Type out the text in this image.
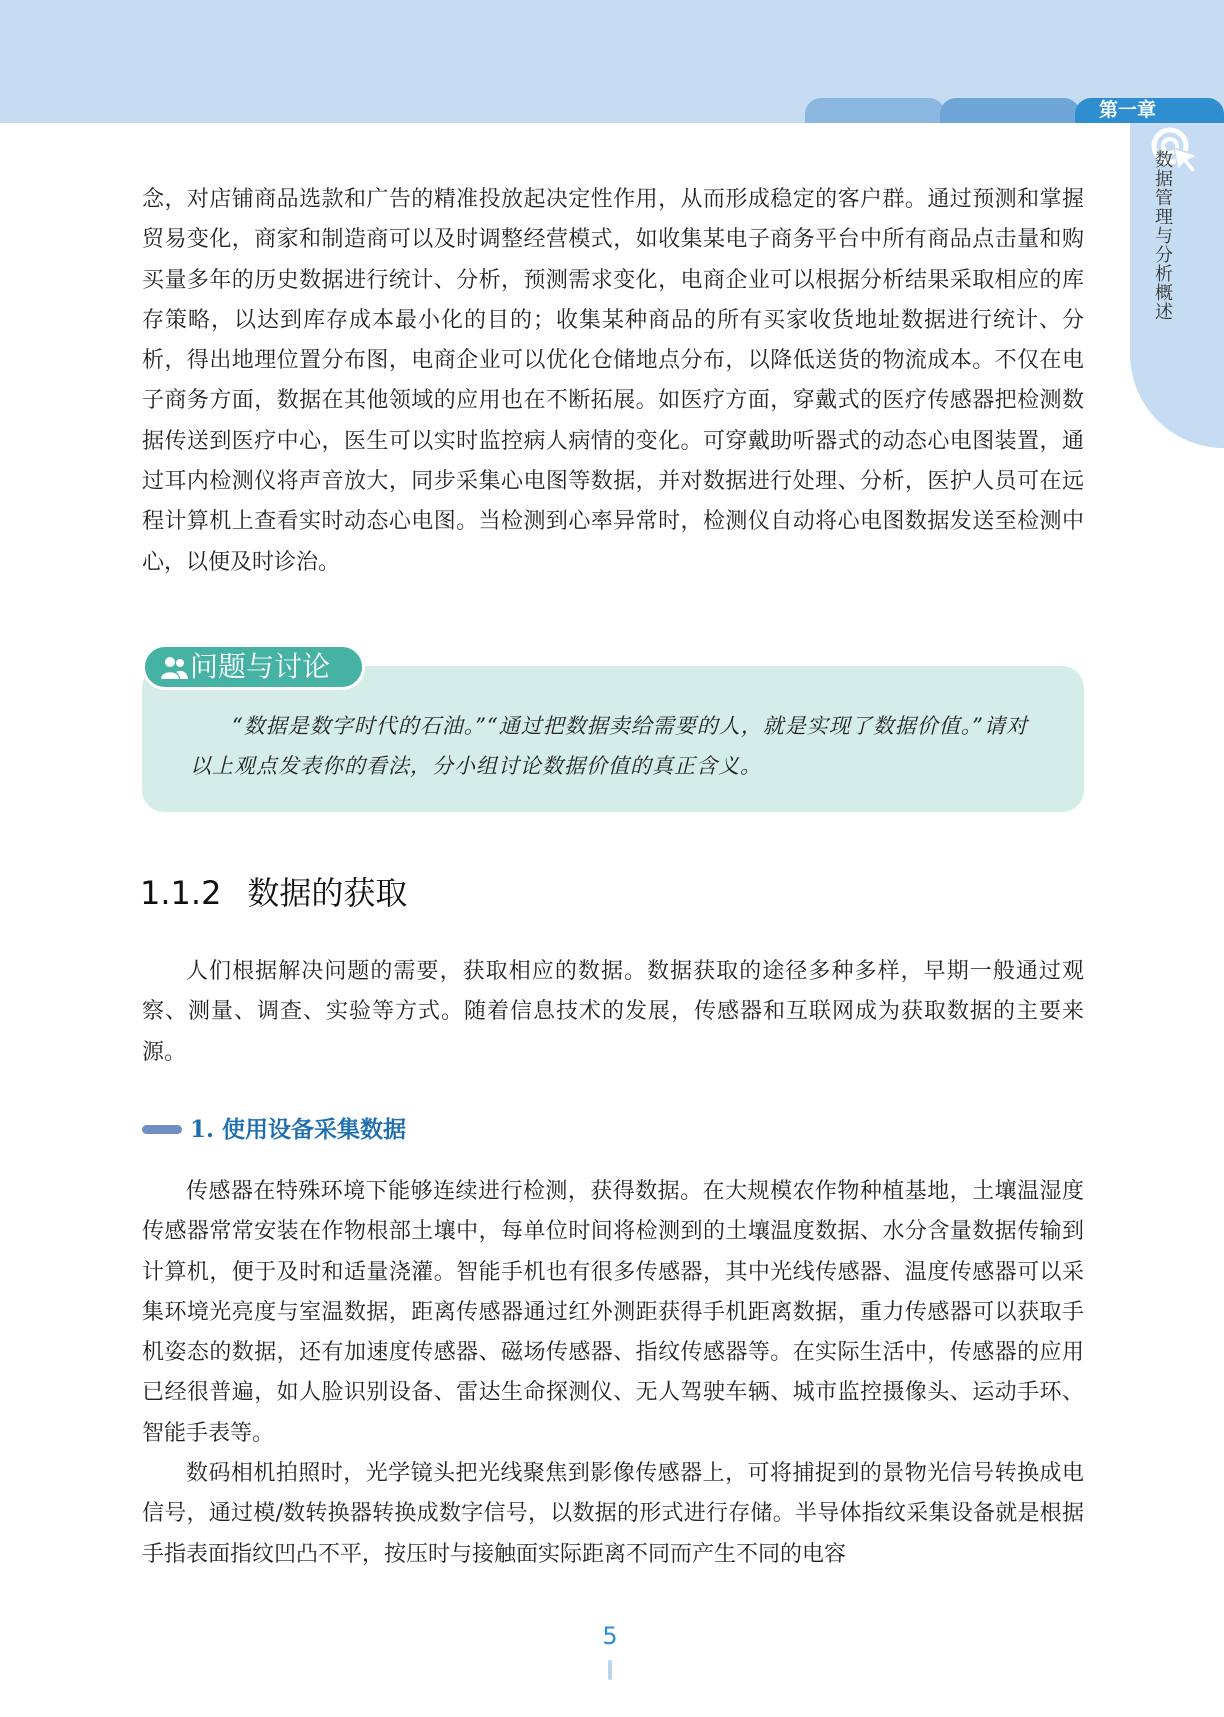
第一章
数据管理与分析概述

念，对店铺商品选款和广告的精准投放起决定性作用，从而形成稳定的客户群。通过预测和掌握贸易变化，商家和制造商可以及时调整经营模式，如收集某电子商务平台中所有商品点击量和购买量多年的历史数据进行统计、分析，预测需求变化，电商企业可以根据分析结果采取相应的库存策略，以达到库存成本最小化的目的；收集某种商品的所有买家收货地址数据进行统计、分析，得出地理位置分布图，电商企业可以优化仓储地点分布，以降低送货的物流成本。不仅在电子商务方面，数据在其他领域的应用也在不断拓展。如医疗方面，穿戴式的医疗传感器把检测数据传送到医疗中心，医生可以实时监控病人病情的变化。可穿戴助听器式的动态心电图装置，通过耳内检测仪将声音放大，同步采集心电图等数据，并对数据进行处理、分析，医护人员可在远程计算机上查看实时动态心电图。当检测到心率异常时，检测仪自动将心电图数据发送至检测中心，以便及时诊治。

问题与讨论

“数据是数字时代的石油。”“通过把数据卖给需要的人，就是实现了数据价值。”请对以上观点发表你的看法，分小组讨论数据价值的真正含义。

1.1.2 数据的获取

人们根据解决问题的需要，获取相应的数据。数据获取的途径多种多样，早期一般通过观察、测量、调查、实验等方式。随着信息技术的发展，传感器和互联网成为获取数据的主要来源。

1. 使用设备采集数据

传感器在特殊环境下能够连续进行检测，获得数据。在大规模农作物种植基地，土壤温湿度传感器常常安装在作物根部土壤中，每单位时间将检测到的土壤温度数据、水分含量数据传输到计算机，便于及时和适量浇灌。智能手机也有很多传感器，其中光线传感器、温度传感器可以采集环境光亮度与室温数据，距离传感器通过红外测距获得手机距离数据，重力传感器可以获取手机姿态的数据，还有加速度传感器、磁场传感器、指纹传感器等。在实际生活中，传感器的应用已经很普遍，如人脸识别设备、雷达生命探测仪、无人驾驶车辆、城市监控摄像头、运动手环、智能手表等。

数码相机拍照时，光学镜头把光线聚焦到影像传感器上，可将捕捉到的景物光信号转换成电信号，通过模/数转换器转换成数字信号，以数据的形式进行存储。半导体指纹采集设备就是根据手指表面指纹凹凸不平，按压时与接触面实际距离不同而产生不同的电容

5
